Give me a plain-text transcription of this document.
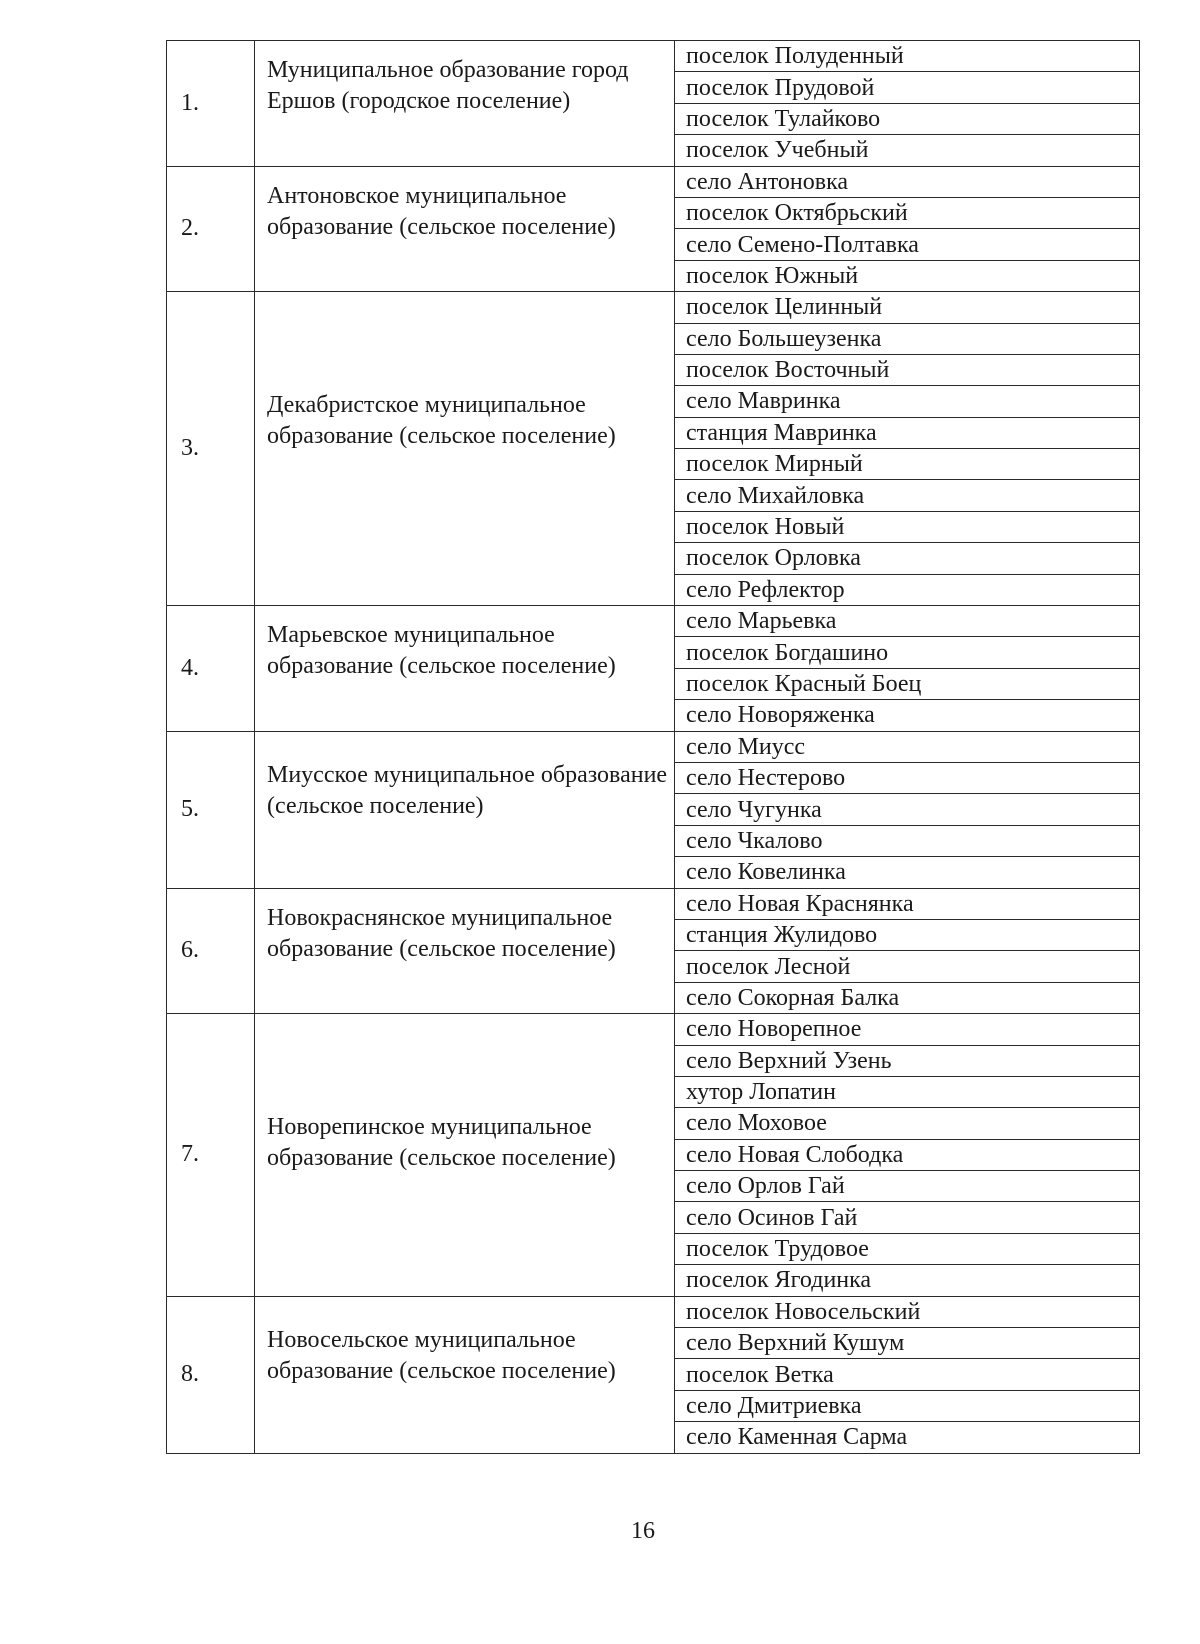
1.	Муниципальное образование город Ершов (городское поселение)	поселок Полуденный
		поселок Прудовой
		поселок Тулайково
		поселок Учебный
2.	Антоновское муниципальное образование (сельское поселение)	село Антоновка
		поселок Октябрьский
		село Семено-Полтавка
		поселок Южный
3.	Декабристское муниципальное образование (сельское поселение)	поселок Целинный
		село Большеузенка
		поселок Восточный
		село Мавринка
		станция Мавринка
		поселок Мирный
		село Михайловка
		поселок Новый
		поселок Орловка
		село Рефлектор
4.	Марьевское муниципальное образование (сельское поселение)	село Марьевка
		поселок Богдашино
		поселок Красный Боец
		село Новоряженка
5.	Миусское муниципальное образование (сельское поселение)	село Миусс
		село Нестерово
		село Чугунка
		село Чкалово
		село Ковелинка
6.	Новокраснянское муниципальное образование (сельское поселение)	село Новая Краснянка
		станция Жулидово
		поселок Лесной
		село Сокорная Балка
7.	Новорепинское муниципальное образование (сельское поселение)	село Новорепное
		село Верхний Узень
		хутор Лопатин
		село Моховое
		село Новая Слободка
		село Орлов Гай
		село Осинов Гай
		поселок Трудовое
		поселок Ягодинка
8.	Новосельское муниципальное образование (сельское поселение)	поселок Новосельский
		село Верхний Кушум
		поселок Ветка
		село Дмитриевка
		село Каменная Сарма
16
